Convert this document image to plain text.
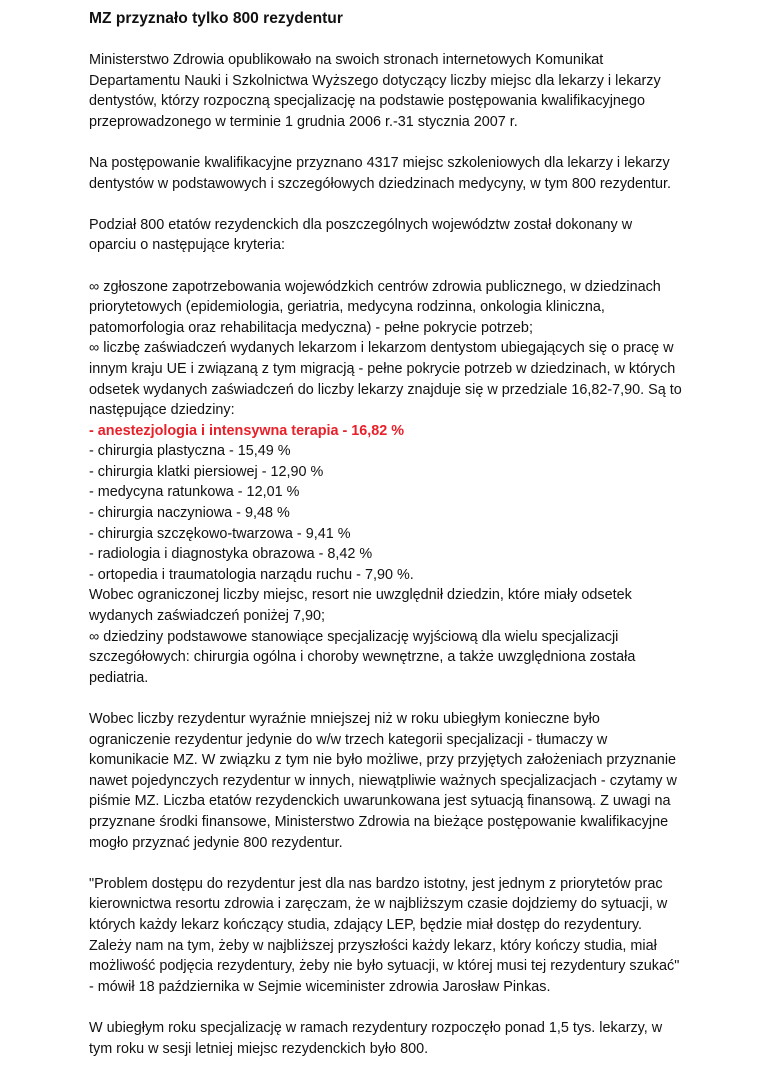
MZ przyznało tylko 800 rezydentur

Ministerstwo Zdrowia opublikowało na swoich stronach internetowych Komunikat
Departamentu Nauki i Szkolnictwa Wyższego dotyczący liczby miejsc dla lekarzy i lekarzy
dentystów, którzy rozpoczną specjalizację na podstawie postępowania kwalifikacyjnego
przeprowadzonego w terminie 1 grudnia 2006 r.-31 stycznia 2007 r.

Na postępowanie kwalifikacyjne przyznano 4317 miejsc szkoleniowych dla lekarzy i lekarzy
dentystów w podstawowych i szczegółowych dziedzinach medycyny, w tym 800 rezydentur.

Podział 800 etatów rezydenckich dla poszczególnych województw został dokonany w
oparciu o następujące kryteria:

∞ zgłoszone zapotrzebowania wojewódzkich centrów zdrowia publicznego, w dziedzinach
priorytetowych (epidemiologia, geriatria, medycyna rodzinna, onkologia kliniczna,
patomorfologia oraz rehabilitacja medyczna) - pełne pokrycie potrzeb;
∞ liczbę zaświadczeń wydanych lekarzom i lekarzom dentystom ubiegających się o pracę w
innym kraju UE i związaną z tym migracją - pełne pokrycie potrzeb w dziedzinach, w których
odsetek wydanych zaświadczeń do liczby lekarzy znajduje się w przedziale 16,82-7,90. Są to
następujące dziedziny:
- anestezjologia i intensywna terapia - 16,82 %
- chirurgia plastyczna - 15,49 %
- chirurgia klatki piersiowej - 12,90 %
- medycyna ratunkowa - 12,01 %
- chirurgia naczyniowa - 9,48 %
- chirurgia szczękowo-twarzowa - 9,41 %
- radiologia i diagnostyka obrazowa - 8,42 %
- ortopedia i traumatologia narządu ruchu - 7,90 %.
Wobec ograniczonej liczby miejsc, resort nie uwzględnił dziedzin, które miały odsetek
wydanych zaświadczeń poniżej 7,90;
∞ dziedziny podstawowe stanowiące specjalizację wyjściową dla wielu specjalizacji
szczegółowych: chirurgia ogólna i choroby wewnętrzne, a także uwzględniona została
pediatria.

Wobec liczby rezydentur wyraźnie mniejszej niż w roku ubiegłym konieczne było
ograniczenie rezydentur jedynie do w/w trzech kategorii specjalizacji - tłumaczy w
komunikacie MZ. W związku z tym nie było możliwe, przy przyjętych założeniach przyznanie
nawet pojedynczych rezydentur w innych, niewątpliwie ważnych specjalizacjach - czytamy w
piśmie MZ. Liczba etatów rezydenckich uwarunkowana jest sytuacją finansową. Z uwagi na
przyznane środki finansowe, Ministerstwo Zdrowia na bieżące postępowanie kwalifikacyjne
mogło przyznać jedynie 800 rezydentur.

"Problem dostępu do rezydentur jest dla nas bardzo istotny, jest jednym z priorytetów prac
kierownictwa resortu zdrowia i zaręczam, że w najbliższym czasie dojdziemy do sytuacji, w
których każdy lekarz kończący studia, zdający LEP, będzie miał dostęp do rezydentury.
Zależy nam na tym, żeby w najbliższej przyszłości każdy lekarz, który kończy studia, miał
możliwość podjęcia rezydentury, żeby nie było sytuacji, w której musi tej rezydentury szukać"
- mówił 18 października w Sejmie wiceminister zdrowia Jarosław Pinkas.

W ubiegłym roku specjalizację w ramach rezydentury rozpoczęło ponad 1,5 tys. lekarzy, w
tym roku w sesji letniej miejsc rezydenckich było 800.
